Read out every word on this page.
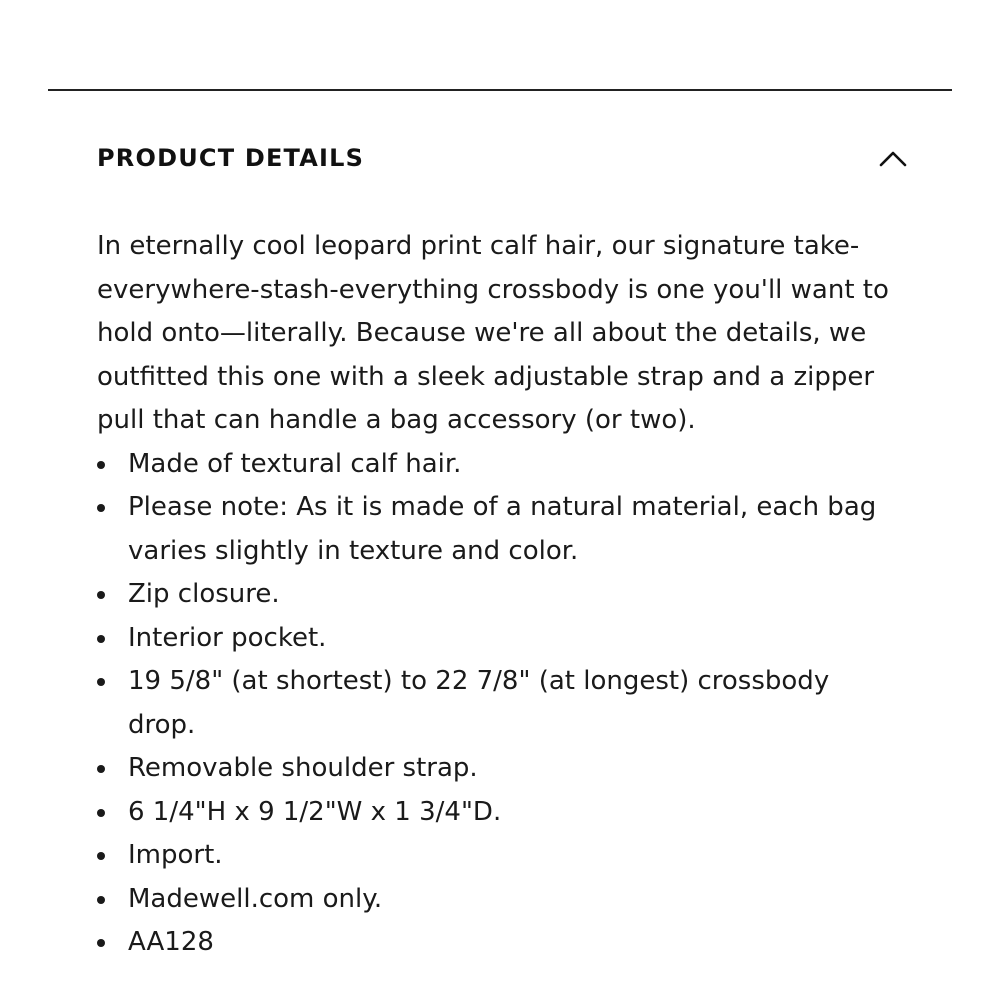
PRODUCT DETAILS

In eternally cool leopard print calf hair, our signature take-everywhere-stash-everything crossbody is one you'll want to hold onto—literally. Because we're all about the details, we outfitted this one with a sleek adjustable strap and a zipper pull that can handle a bag accessory (or two).

Made of textural calf hair.
Please note: As it is made of a natural material, each bag varies slightly in texture and color.
Zip closure.
Interior pocket.
19 5/8" (at shortest) to 22 7/8" (at longest) crossbody drop.
Removable shoulder strap.
6 1/4"H x 9 1/2"W x 1 3/4"D.
Import.
Madewell.com only.
AA128
